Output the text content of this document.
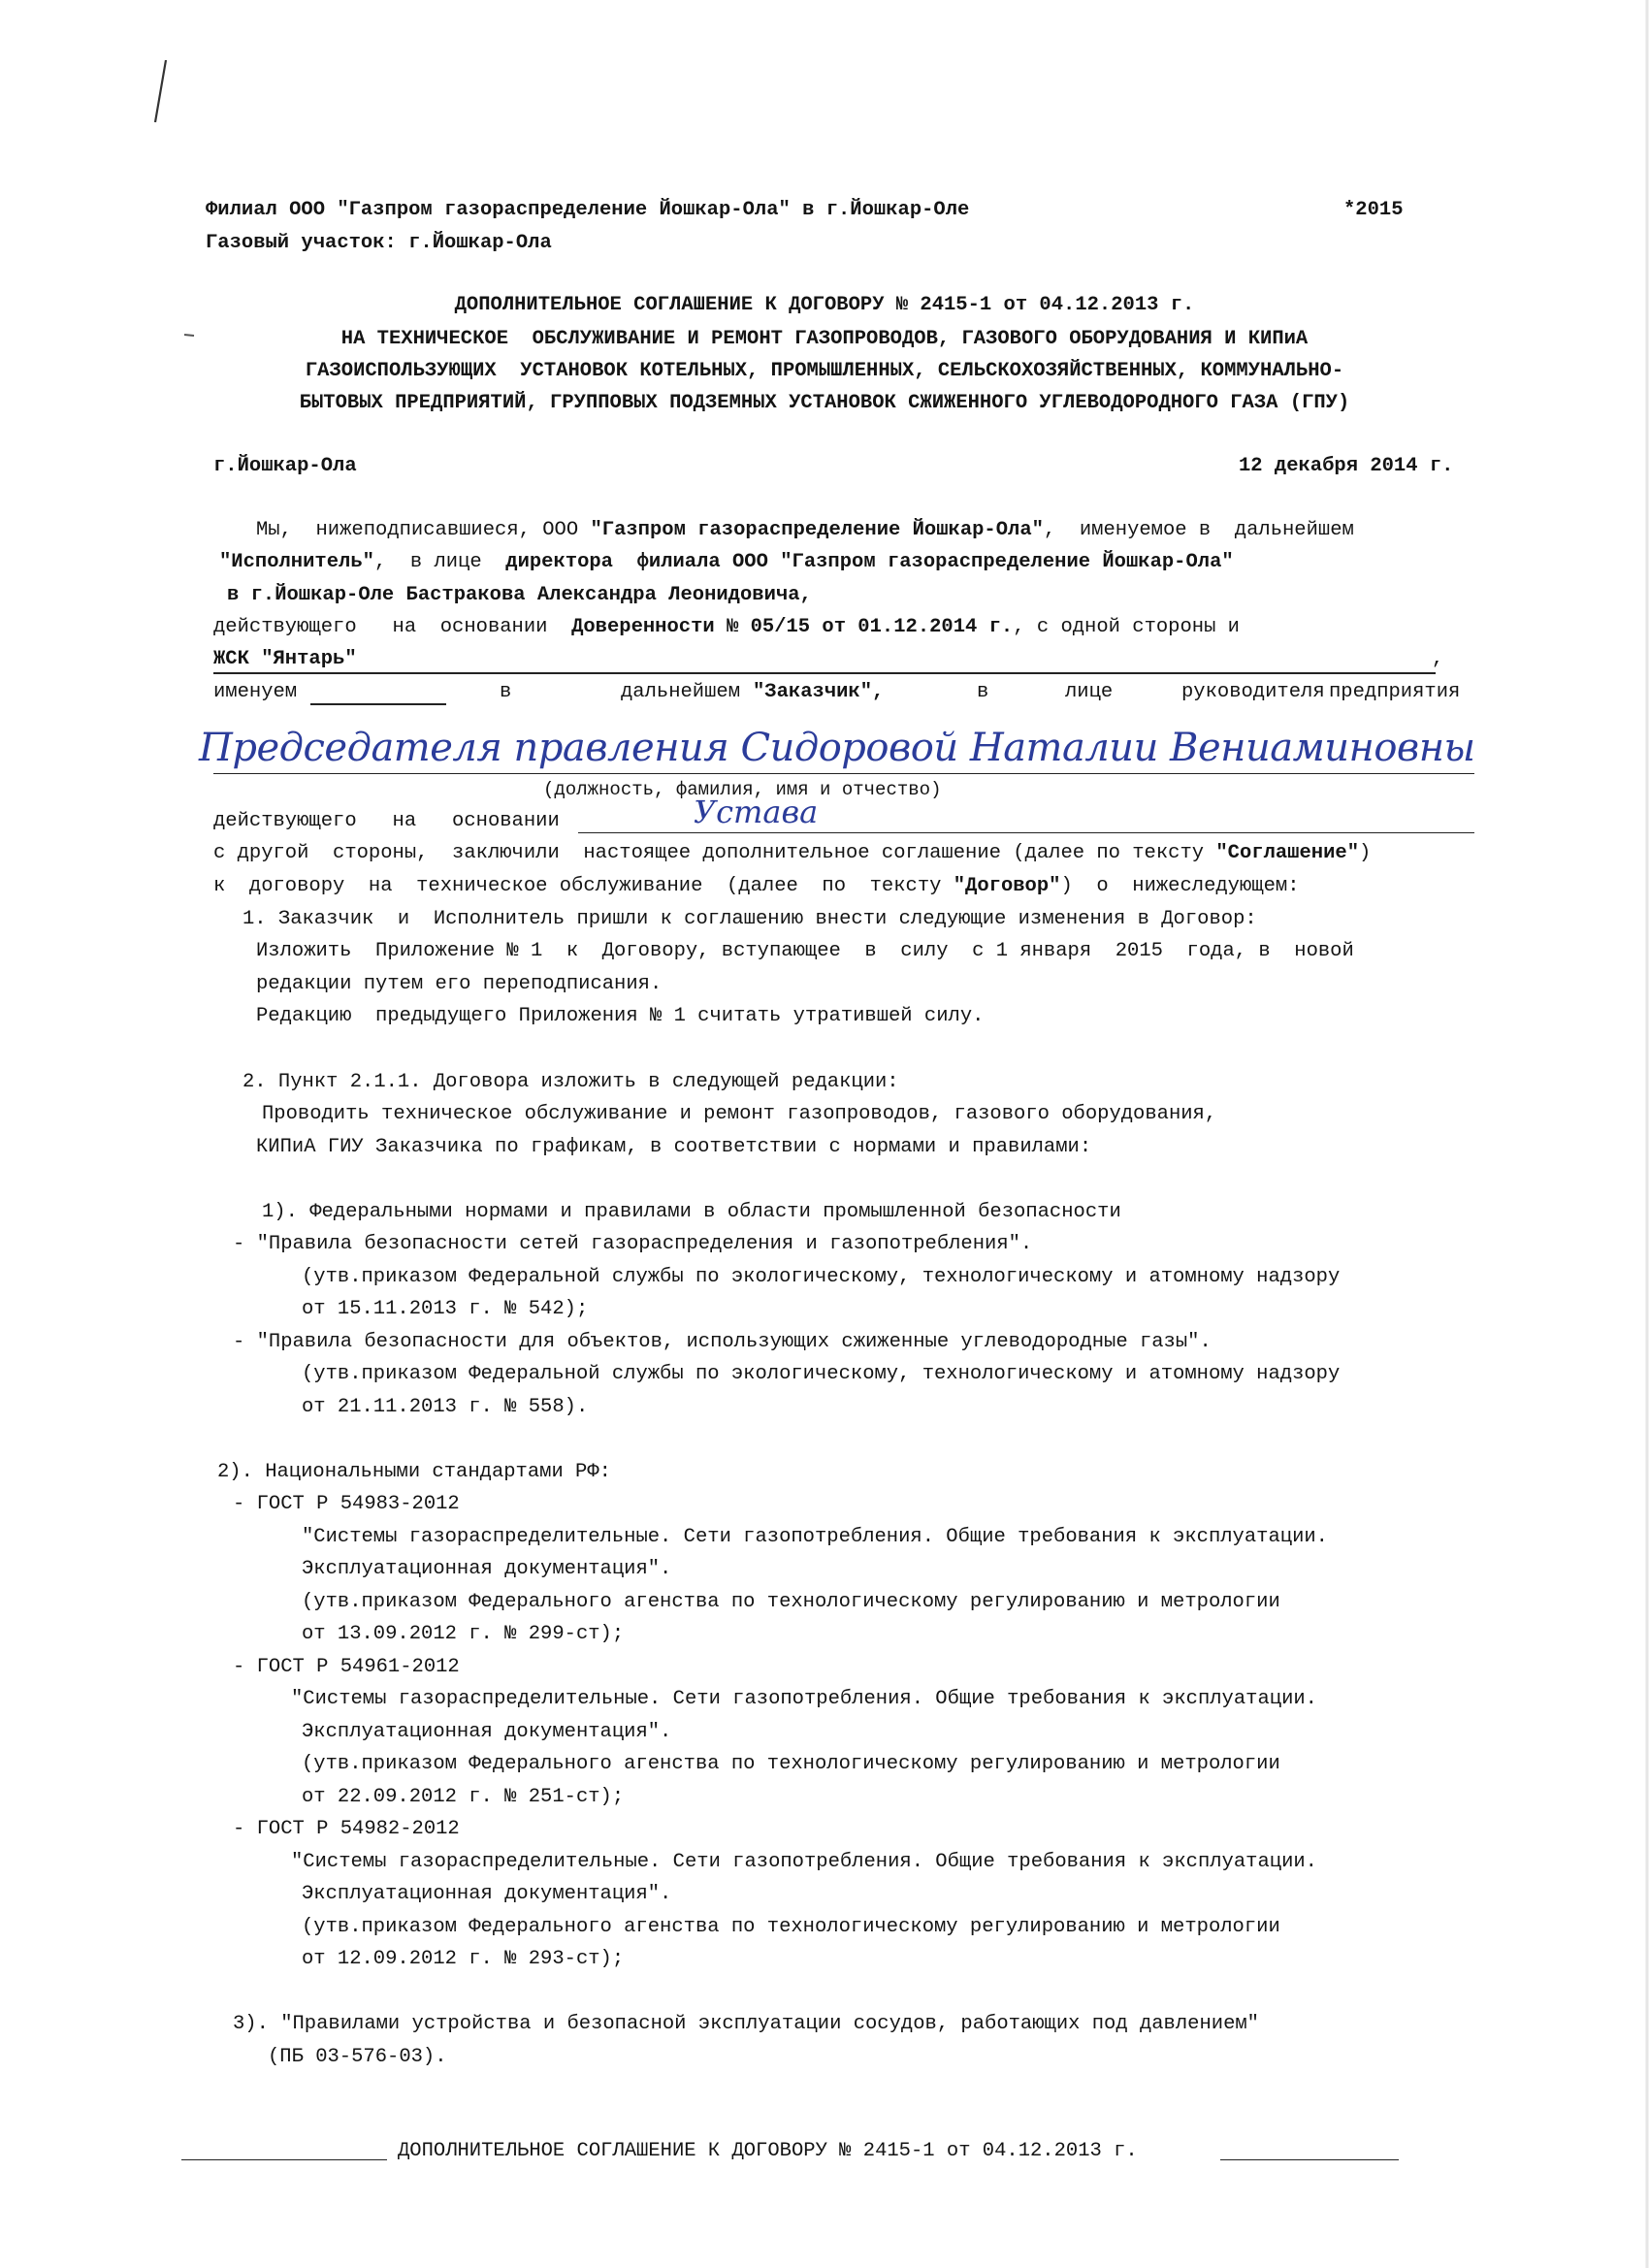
Филиал ООО "Газпром газораспределение Йошкар-Ола" в г.Йошкар-Оле	*2015
Газовый участок: г.Йошкар-Ола
ДОПОЛНИТЕЛЬНОЕ СОГЛАШЕНИЕ К ДОГОВОРУ № 2415-1 от 04.12.2013 г.
НА ТЕХНИЧЕСКОЕ  ОБСЛУЖИВАНИЕ И РЕМОНТ ГАЗОПРОВОДОВ, ГАЗОВОГО ОБОРУДОВАНИЯ И КИПиА
ГАЗОИСПОЛЬЗУЮЩИХ  УСТАНОВОК КОТЕЛЬНЫХ, ПРОМЫШЛЕННЫХ, СЕЛЬСКОХОЗЯЙСТВЕННЫХ, КОММУНАЛЬНО-
БЫТОВЫХ ПРЕДПРИЯТИЙ, ГРУППОВЫХ ПОДЗЕМНЫХ УСТАНОВОК СЖИЖЕННОГО УГЛЕВОДОРОДНОГО ГАЗА (ГПУ)
г.Йошкар-Ола	12 декабря 2014 г.
Мы,  нижеподписавшиеся, ООО "Газпром газораспределение Йошкар-Ола",  именуемое в  дальнейшем
"Исполнитель",  в лице  директора  филиала ООО "Газпром газораспределение Йошкар-Ола"
в г.Йошкар-Оле Бастракова Александра Леонидовича,
действующего   на  основании  Доверенности № 05/15 от 01.12.2014 г., с одной стороны и
ЖСК "Янтарь"	,
именуем	в	дальнейшем "Заказчик",	в	лице	руководителя предприятия
Председателя правления Сидоровой Наталии Вениаминовны
(должность, фамилия, имя и отчество)
действующего   на   основании	Устава
с другой  стороны,  заключили  настоящее дополнительное соглашение (далее по тексту "Соглашение")
к  договору  на  техническое обслуживание  (далее  по  тексту "Договор")  о  нижеследующем:
1. Заказчик  и  Исполнитель пришли к соглашению внести следующие изменения в Договор:
Изложить  Приложение № 1  к  Договору, вступающее  в  силу  с 1 января  2015  года, в  новой
редакции путем его переподписания.
Редакцию  предыдущего Приложения № 1 считать утратившей силу.
2. Пункт 2.1.1. Договора изложить в следующей редакции:
Проводить техническое обслуживание и ремонт газопроводов, газового оборудования,
КИПиА ГИУ Заказчика по графикам, в соответствии с нормами и правилами:
1). Федеральными нормами и правилами в области промышленной безопасности
- "Правила безопасности сетей газораспределения и газопотребления".
(утв.приказом Федеральной службы по экологическому, технологическому и атомному надзору
от 15.11.2013 г. № 542);
- "Правила безопасности для объектов, использующих сжиженные углеводородные газы".
(утв.приказом Федеральной службы по экологическому, технологическому и атомному надзору
от 21.11.2013 г. № 558).
2). Национальными стандартами РФ:
- ГОСТ Р 54983-2012
"Системы газораспределительные. Сети газопотребления. Общие требования к эксплуатации.
Эксплуатационная документация".
(утв.приказом Федерального агенства по технологическому регулированию и метрологии
от 13.09.2012 г. № 299-ст);
- ГОСТ Р 54961-2012
"Системы газораспределительные. Сети газопотребления. Общие требования к эксплуатации.
Эксплуатационная документация".
(утв.приказом Федерального агенства по технологическому регулированию и метрологии
от 22.09.2012 г. № 251-ст);
- ГОСТ Р 54982-2012
"Системы газораспределительные. Сети газопотребления. Общие требования к эксплуатации.
Эксплуатационная документация".
(утв.приказом Федерального агенства по технологическому регулированию и метрологии
от 12.09.2012 г. № 293-ст);
3). "Правилами устройства и безопасной эксплуатации сосудов, работающих под давлением"
(ПБ 03-576-03).
ДОПОЛНИТЕЛЬНОЕ СОГЛАШЕНИЕ К ДОГОВОРУ № 2415-1 от 04.12.2013 г.
